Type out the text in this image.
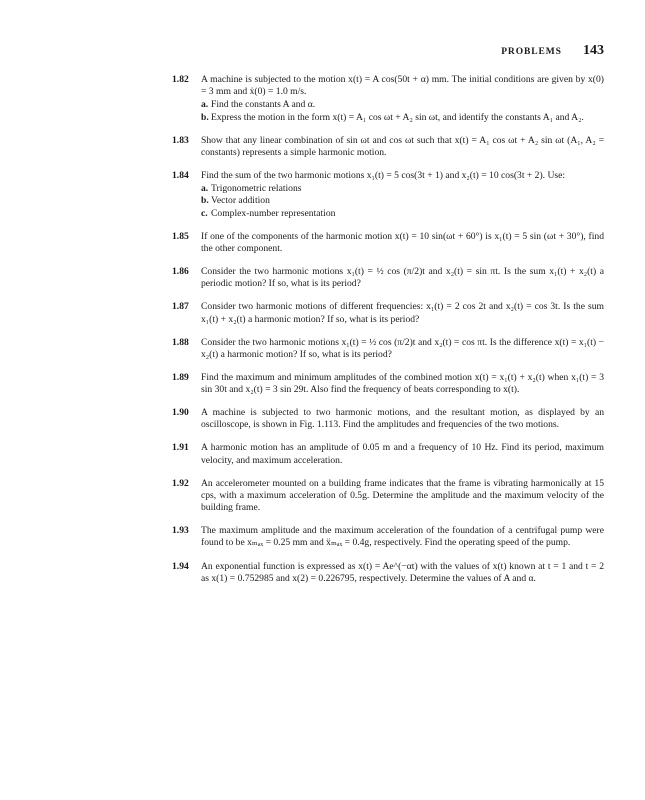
PROBLEMS 143
1.82 A machine is subjected to the motion x(t) = A cos(50t + α) mm. The initial conditions are given by x(0) = 3 mm and ẋ(0) = 1.0 m/s.
a. Find the constants A and α.
b. Express the motion in the form x(t) = A₁ cos ωt + A₂ sin ωt, and identify the constants A₁ and A₂.
1.83 Show that any linear combination of sin ωt and cos ωt such that x(t) = A₁ cos ωt + A₂ sin ωt (A₁, A₂ = constants) represents a simple harmonic motion.
1.84 Find the sum of the two harmonic motions x₁(t) = 5 cos(3t + 1) and x₂(t) = 10 cos(3t + 2). Use:
a. Trigonometric relations
b. Vector addition
c. Complex-number representation
1.85 If one of the components of the harmonic motion x(t) = 10 sin(ωt + 60°) is x₁(t) = 5 sin (ωt + 30°), find the other component.
1.86 Consider the two harmonic motions x₁(t) = ½ cos (π/2)t and x₂(t) = sin πt. Is the sum x₁(t) + x₂(t) a periodic motion? If so, what is its period?
1.87 Consider two harmonic motions of different frequencies: x₁(t) = 2 cos 2t and x₂(t) = cos 3t. Is the sum x₁(t) + x₂(t) a harmonic motion? If so, what is its period?
1.88 Consider the two harmonic motions x₁(t) = ½ cos (π/2)t and x₂(t) = cos πt. Is the difference x(t) = x₁(t) − x₂(t) a harmonic motion? If so, what is its period?
1.89 Find the maximum and minimum amplitudes of the combined motion x(t) = x₁(t) + x₂(t) when x₁(t) = 3 sin 30t and x₂(t) = 3 sin 29t. Also find the frequency of beats corresponding to x(t).
1.90 A machine is subjected to two harmonic motions, and the resultant motion, as displayed by an oscilloscope, is shown in Fig. 1.113. Find the amplitudes and frequencies of the two motions.
1.91 A harmonic motion has an amplitude of 0.05 m and a frequency of 10 Hz. Find its period, maximum velocity, and maximum acceleration.
1.92 An accelerometer mounted on a building frame indicates that the frame is vibrating harmonically at 15 cps, with a maximum acceleration of 0.5g. Determine the amplitude and the maximum velocity of the building frame.
1.93 The maximum amplitude and the maximum acceleration of the foundation of a centrifugal pump were found to be xₘₐₓ = 0.25 mm and ẍₘₐₓ = 0.4g, respectively. Find the operating speed of the pump.
1.94 An exponential function is expressed as x(t) = Ae^(−αt) with the values of x(t) known at t = 1 and t = 2 as x(1) = 0.752985 and x(2) = 0.226795, respectively. Determine the values of A and α.
